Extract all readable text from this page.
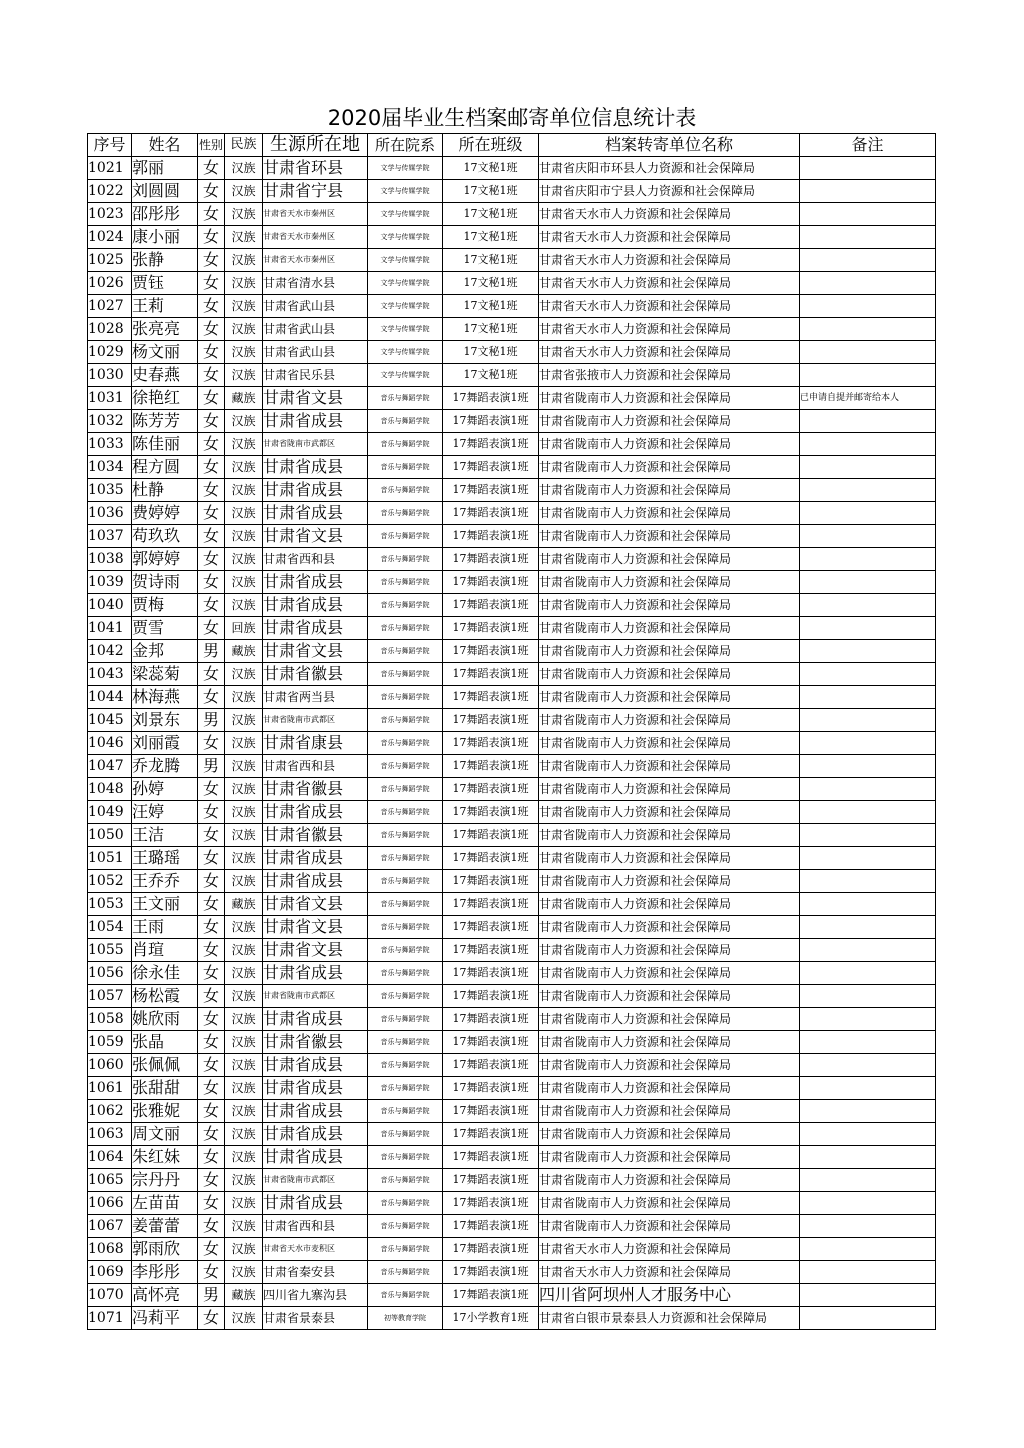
2020届毕业生档案邮寄单位信息统计表
序号	姓名	性别	民族	生源所在地	所在院系	所在班级	档案转寄单位名称	备注
1021	郭丽	女	汉族	甘肃省环县	文学与传媒学院	17文秘1班	甘肃省庆阳市环县人力资源和社会保障局	
1022	刘圆圆	女	汉族	甘肃省宁县	文学与传媒学院	17文秘1班	甘肃省庆阳市宁县人力资源和社会保障局	
1023	邵彤彤	女	汉族	甘肃省天水市秦州区	文学与传媒学院	17文秘1班	甘肃省天水市人力资源和社会保障局	
1024	康小丽	女	汉族	甘肃省天水市秦州区	文学与传媒学院	17文秘1班	甘肃省天水市人力资源和社会保障局	
1025	张静	女	汉族	甘肃省天水市秦州区	文学与传媒学院	17文秘1班	甘肃省天水市人力资源和社会保障局	
1026	贾钰	女	汉族	甘肃省清水县	文学与传媒学院	17文秘1班	甘肃省天水市人力资源和社会保障局	
1027	王莉	女	汉族	甘肃省武山县	文学与传媒学院	17文秘1班	甘肃省天水市人力资源和社会保障局	
1028	张亮亮	女	汉族	甘肃省武山县	文学与传媒学院	17文秘1班	甘肃省天水市人力资源和社会保障局	
1029	杨文丽	女	汉族	甘肃省武山县	文学与传媒学院	17文秘1班	甘肃省天水市人力资源和社会保障局	
1030	史春燕	女	汉族	甘肃省民乐县	文学与传媒学院	17文秘1班	甘肃省张掖市人力资源和社会保障局	
1031	徐艳红	女	藏族	甘肃省文县	音乐与舞蹈学院	17舞蹈表演1班	甘肃省陇南市人力资源和社会保障局	已申请自提并邮寄给本人
1032	陈芳芳	女	汉族	甘肃省成县	音乐与舞蹈学院	17舞蹈表演1班	甘肃省陇南市人力资源和社会保障局	
1033	陈佳丽	女	汉族	甘肃省陇南市武都区	音乐与舞蹈学院	17舞蹈表演1班	甘肃省陇南市人力资源和社会保障局	
1034	程方圆	女	汉族	甘肃省成县	音乐与舞蹈学院	17舞蹈表演1班	甘肃省陇南市人力资源和社会保障局	
1035	杜静	女	汉族	甘肃省成县	音乐与舞蹈学院	17舞蹈表演1班	甘肃省陇南市人力资源和社会保障局	
1036	费婷婷	女	汉族	甘肃省成县	音乐与舞蹈学院	17舞蹈表演1班	甘肃省陇南市人力资源和社会保障局	
1037	苟玖玖	女	汉族	甘肃省文县	音乐与舞蹈学院	17舞蹈表演1班	甘肃省陇南市人力资源和社会保障局	
1038	郭婷婷	女	汉族	甘肃省西和县	音乐与舞蹈学院	17舞蹈表演1班	甘肃省陇南市人力资源和社会保障局	
1039	贺诗雨	女	汉族	甘肃省成县	音乐与舞蹈学院	17舞蹈表演1班	甘肃省陇南市人力资源和社会保障局	
1040	贾梅	女	汉族	甘肃省成县	音乐与舞蹈学院	17舞蹈表演1班	甘肃省陇南市人力资源和社会保障局	
1041	贾雪	女	回族	甘肃省成县	音乐与舞蹈学院	17舞蹈表演1班	甘肃省陇南市人力资源和社会保障局	
1042	金邦	男	藏族	甘肃省文县	音乐与舞蹈学院	17舞蹈表演1班	甘肃省陇南市人力资源和社会保障局	
1043	梁蕊菊	女	汉族	甘肃省徽县	音乐与舞蹈学院	17舞蹈表演1班	甘肃省陇南市人力资源和社会保障局	
1044	林海燕	女	汉族	甘肃省两当县	音乐与舞蹈学院	17舞蹈表演1班	甘肃省陇南市人力资源和社会保障局	
1045	刘景东	男	汉族	甘肃省陇南市武都区	音乐与舞蹈学院	17舞蹈表演1班	甘肃省陇南市人力资源和社会保障局	
1046	刘丽霞	女	汉族	甘肃省康县	音乐与舞蹈学院	17舞蹈表演1班	甘肃省陇南市人力资源和社会保障局	
1047	乔龙腾	男	汉族	甘肃省西和县	音乐与舞蹈学院	17舞蹈表演1班	甘肃省陇南市人力资源和社会保障局	
1048	孙婷	女	汉族	甘肃省徽县	音乐与舞蹈学院	17舞蹈表演1班	甘肃省陇南市人力资源和社会保障局	
1049	汪婷	女	汉族	甘肃省成县	音乐与舞蹈学院	17舞蹈表演1班	甘肃省陇南市人力资源和社会保障局	
1050	王洁	女	汉族	甘肃省徽县	音乐与舞蹈学院	17舞蹈表演1班	甘肃省陇南市人力资源和社会保障局	
1051	王璐瑶	女	汉族	甘肃省成县	音乐与舞蹈学院	17舞蹈表演1班	甘肃省陇南市人力资源和社会保障局	
1052	王乔乔	女	汉族	甘肃省成县	音乐与舞蹈学院	17舞蹈表演1班	甘肃省陇南市人力资源和社会保障局	
1053	王文丽	女	藏族	甘肃省文县	音乐与舞蹈学院	17舞蹈表演1班	甘肃省陇南市人力资源和社会保障局	
1054	王雨	女	汉族	甘肃省文县	音乐与舞蹈学院	17舞蹈表演1班	甘肃省陇南市人力资源和社会保障局	
1055	肖瑄	女	汉族	甘肃省文县	音乐与舞蹈学院	17舞蹈表演1班	甘肃省陇南市人力资源和社会保障局	
1056	徐永佳	女	汉族	甘肃省成县	音乐与舞蹈学院	17舞蹈表演1班	甘肃省陇南市人力资源和社会保障局	
1057	杨松霞	女	汉族	甘肃省陇南市武都区	音乐与舞蹈学院	17舞蹈表演1班	甘肃省陇南市人力资源和社会保障局	
1058	姚欣雨	女	汉族	甘肃省成县	音乐与舞蹈学院	17舞蹈表演1班	甘肃省陇南市人力资源和社会保障局	
1059	张晶	女	汉族	甘肃省徽县	音乐与舞蹈学院	17舞蹈表演1班	甘肃省陇南市人力资源和社会保障局	
1060	张佩佩	女	汉族	甘肃省成县	音乐与舞蹈学院	17舞蹈表演1班	甘肃省陇南市人力资源和社会保障局	
1061	张甜甜	女	汉族	甘肃省成县	音乐与舞蹈学院	17舞蹈表演1班	甘肃省陇南市人力资源和社会保障局	
1062	张雅妮	女	汉族	甘肃省成县	音乐与舞蹈学院	17舞蹈表演1班	甘肃省陇南市人力资源和社会保障局	
1063	周文丽	女	汉族	甘肃省成县	音乐与舞蹈学院	17舞蹈表演1班	甘肃省陇南市人力资源和社会保障局	
1064	朱红妹	女	汉族	甘肃省成县	音乐与舞蹈学院	17舞蹈表演1班	甘肃省陇南市人力资源和社会保障局	
1065	宗丹丹	女	汉族	甘肃省陇南市武都区	音乐与舞蹈学院	17舞蹈表演1班	甘肃省陇南市人力资源和社会保障局	
1066	左苗苗	女	汉族	甘肃省成县	音乐与舞蹈学院	17舞蹈表演1班	甘肃省陇南市人力资源和社会保障局	
1067	姜蕾蕾	女	汉族	甘肃省西和县	音乐与舞蹈学院	17舞蹈表演1班	甘肃省陇南市人力资源和社会保障局	
1068	郭雨欣	女	汉族	甘肃省天水市麦积区	音乐与舞蹈学院	17舞蹈表演1班	甘肃省天水市人力资源和社会保障局	
1069	李彤彤	女	汉族	甘肃省秦安县	音乐与舞蹈学院	17舞蹈表演1班	甘肃省天水市人力资源和社会保障局	
1070	高怀亮	男	藏族	四川省九寨沟县	音乐与舞蹈学院	17舞蹈表演1班	四川省阿坝州人才服务中心	
1071	冯莉平	女	汉族	甘肃省景泰县	初等教育学院	17小学教育1班	甘肃省白银市景泰县人力资源和社会保障局	
